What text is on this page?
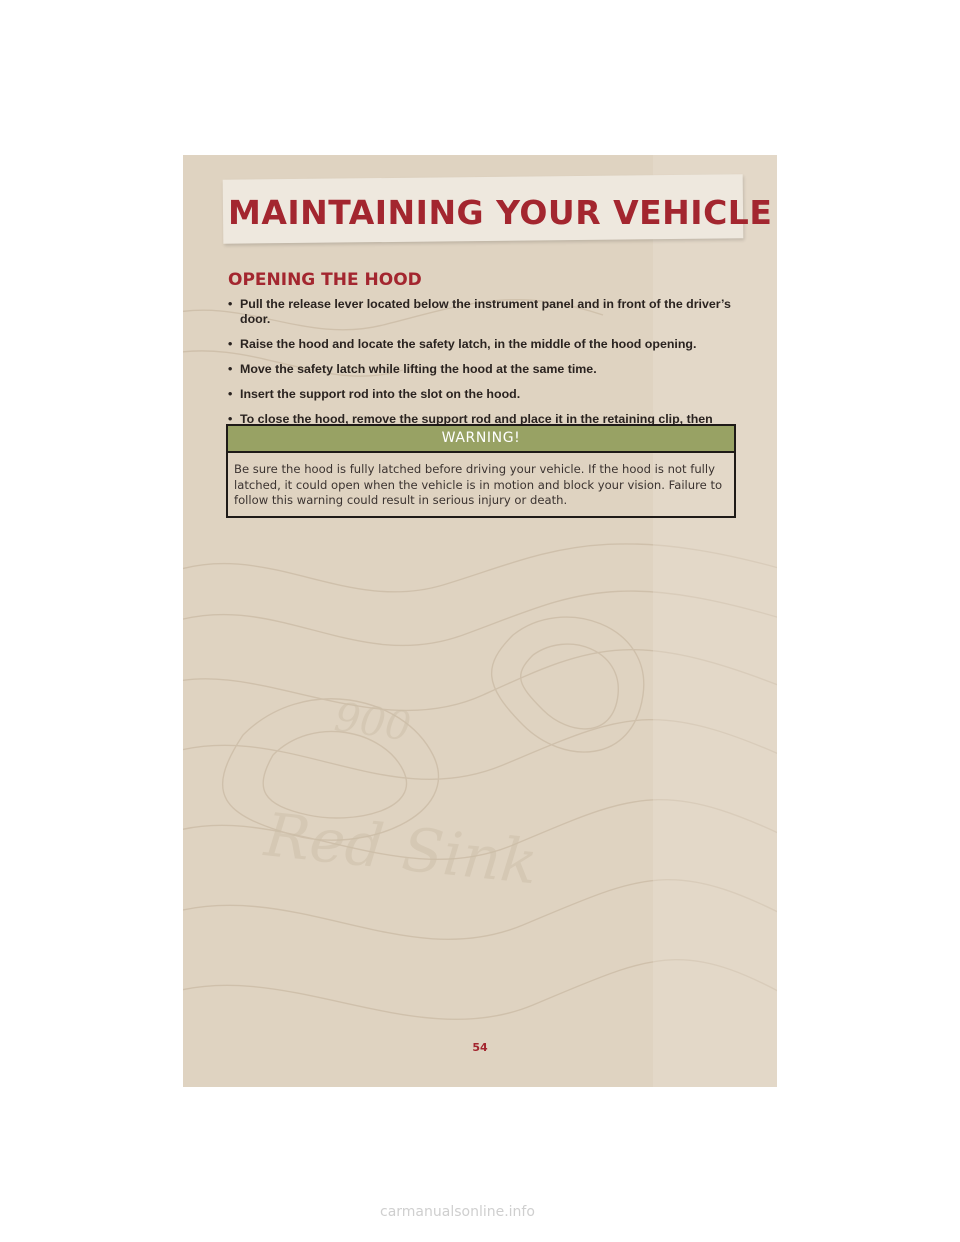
900
Red Sink
MAINTAINING YOUR VEHICLE
OPENING THE HOOD
• Pull the release lever located below the instrument panel and in front of the driver’s door.
• Raise the hood and locate the safety latch, in the middle of the hood opening.
• Move the safety latch while lifting the hood at the same time.
• Insert the support rod into the slot on the hood.
• To close the hood, remove the support rod and place it in the retaining clip, then
WARNING!
Be sure the hood is fully latched before driving your vehicle. If the hood is not fully latched, it could open when the vehicle is in motion and block your vision. Failure to follow this warning could result in serious injury or death.
54
carmanualsonline.info
